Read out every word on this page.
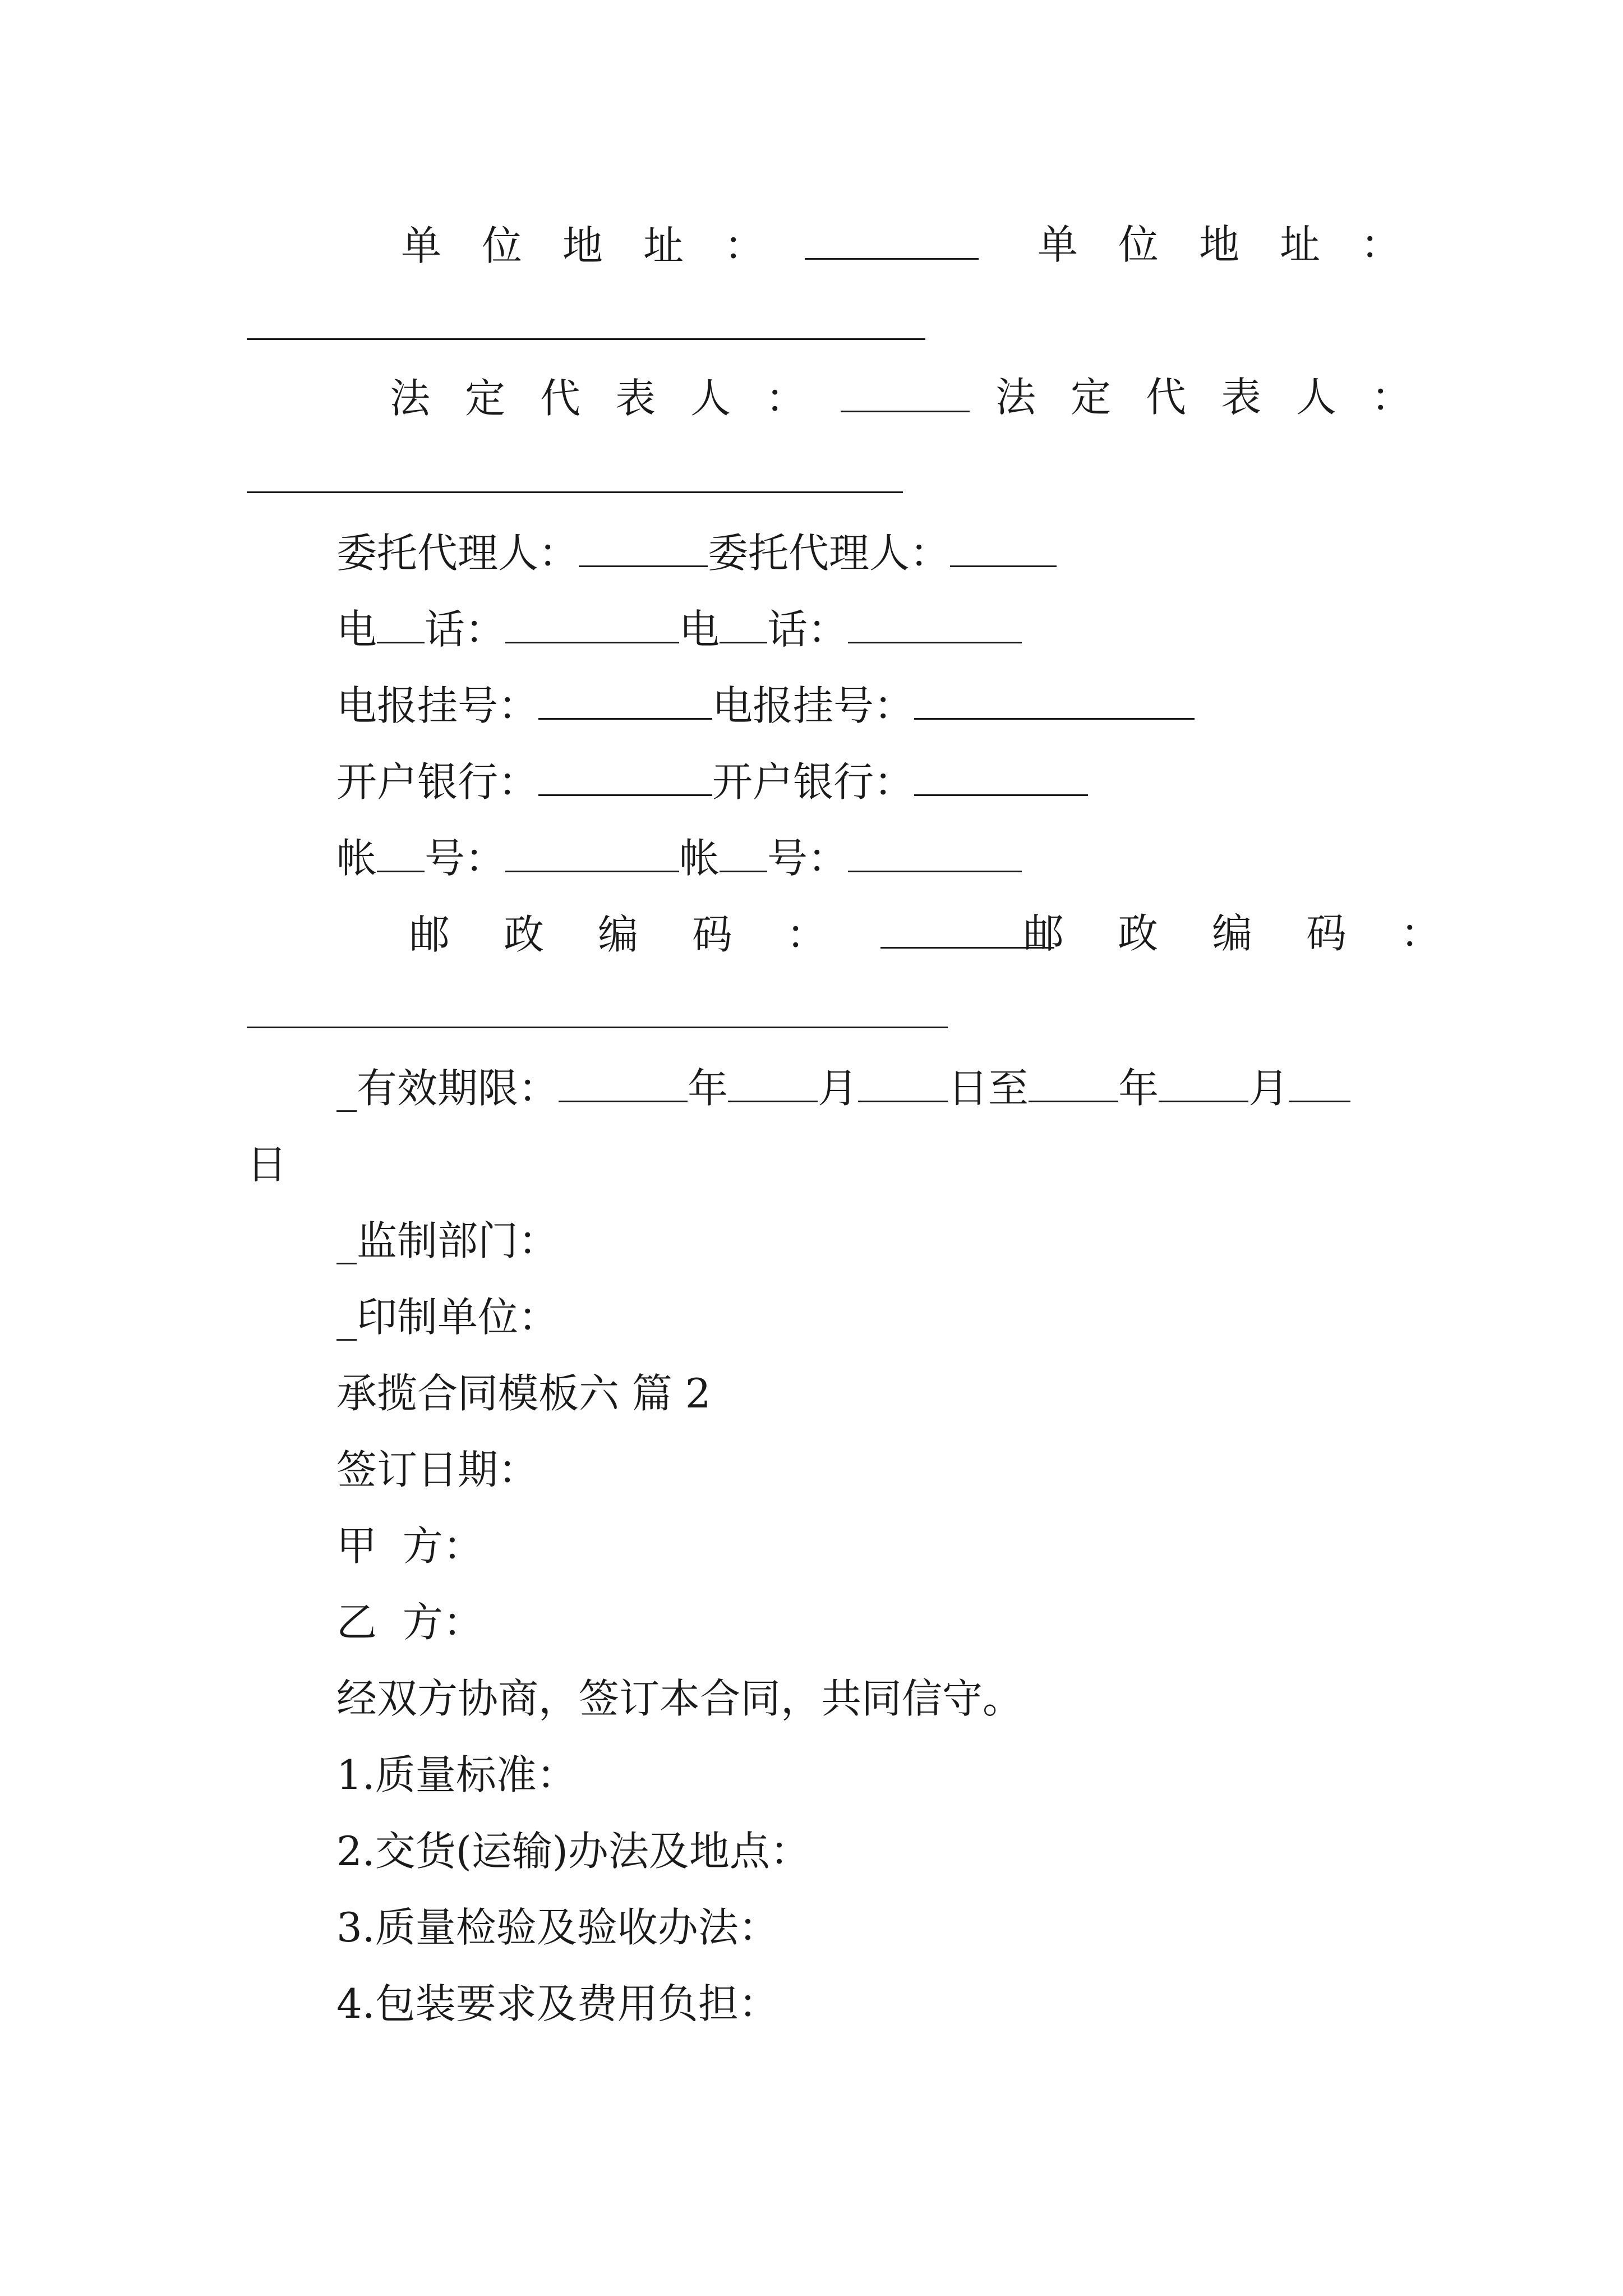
单位地址：	单位地址：
法定代表人：	法定代表人：
委托代理人：	委托代理人：
电 话：	电 话：
电报挂号：	电报挂号：
开户银行：	开户银行：
帐 号：	帐 号：
邮政编码：	邮政编码：
_有效期限：	年 月 日至 年 月
日
_监制部门：
_印制单位：
承揽合同模板六 篇 2
签订日期：
甲  方：
乙  方：
经双方协商，签订本合同，共同信守。
1.质量标准：
2.交货(运输)办法及地点：
3.质量检验及验收办法：
4.包装要求及费用负担：
